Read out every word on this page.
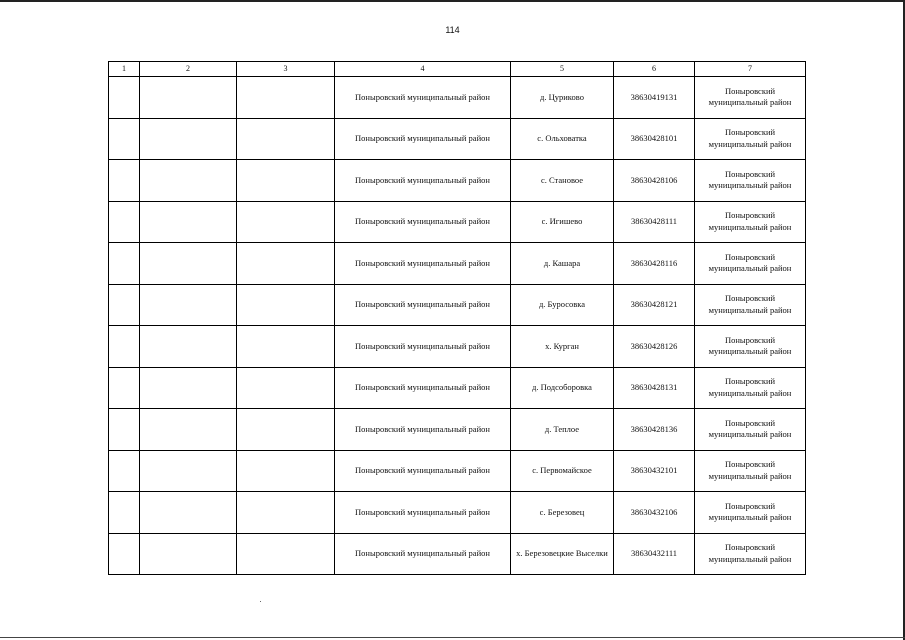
114
1	2	3	4	5	6	7
			Поныровский муниципальный район	д. Цуриково	38630419131	Поныровский муниципальный район
			Поныровский муниципальный район	с. Ольховатка	38630428101	Поныровский муниципальный район
			Поныровский муниципальный район	с. Становое	38630428106	Поныровский муниципальный район
			Поныровский муниципальный район	с. Игишево	38630428111	Поныровский муниципальный район
			Поныровский муниципальный район	д. Кашара	38630428116	Поныровский муниципальный район
			Поныровский муниципальный район	д. Буросовка	38630428121	Поныровский муниципальный район
			Поныровский муниципальный район	х. Курган	38630428126	Поныровский муниципальный район
			Поныровский муниципальный район	д. Подсоборовка	38630428131	Поныровский муниципальный район
			Поныровский муниципальный район	д. Теплое	38630428136	Поныровский муниципальный район
			Поныровский муниципальный район	с. Первомайское	38630432101	Поныровский муниципальный район
			Поныровский муниципальный район	с. Березовец	38630432106	Поныровский муниципальный район
			Поныровский муниципальный район	х. Березовецкие Выселки	38630432111	Поныровский муниципальный район
